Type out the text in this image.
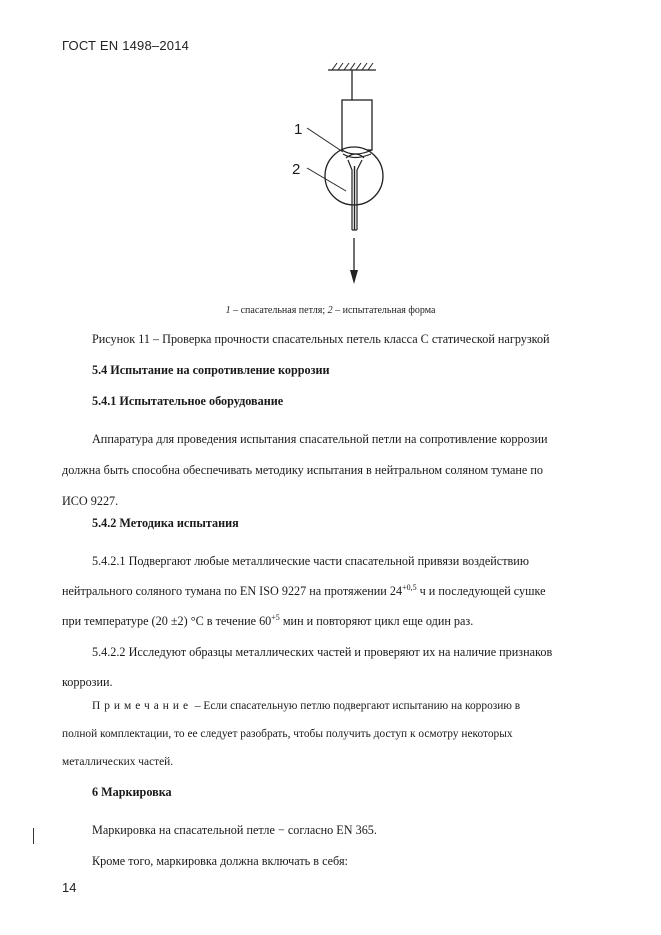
ГОСТ EN 1498–2014
1
2
1 – спасательная петля; 2 – испытательная форма
Рисунок 11 – Проверка прочности спасательных петель класса С статической нагрузкой
5.4 Испытание на сопротивление коррозии
5.4.1 Испытательное оборудование
Аппаратура для проведения испытания спасательной петли на сопротивление коррозии
должна быть способна обеспечивать методику испытания в нейтральном соляном тумане по
ИСО 9227.
5.4.2 Методика испытания
5.4.2.1 Подвергают любые металлические части спасательной привязи воздействию
нейтрального соляного тумана по EN ISO 9227 на протяжении $24^{+0,5}$ ч и последующей сушке
при температуре (20 ±2) °С в течение $60^{+5}$ мин и повторяют цикл еще один раз.
5.4.2.2 Исследуют образцы металлических частей и проверяют их на наличие признаков
коррозии.
Примечание – Если спасательную петлю подвергают испытанию на коррозию в
полной комплектации, то ее следует разобрать, чтобы получить доступ к осмотру некоторых
металлических частей.
6 Маркировка
Маркировка на спасательной петле − согласно EN 365.
Кроме того, маркировка должна включать в себя:
14
